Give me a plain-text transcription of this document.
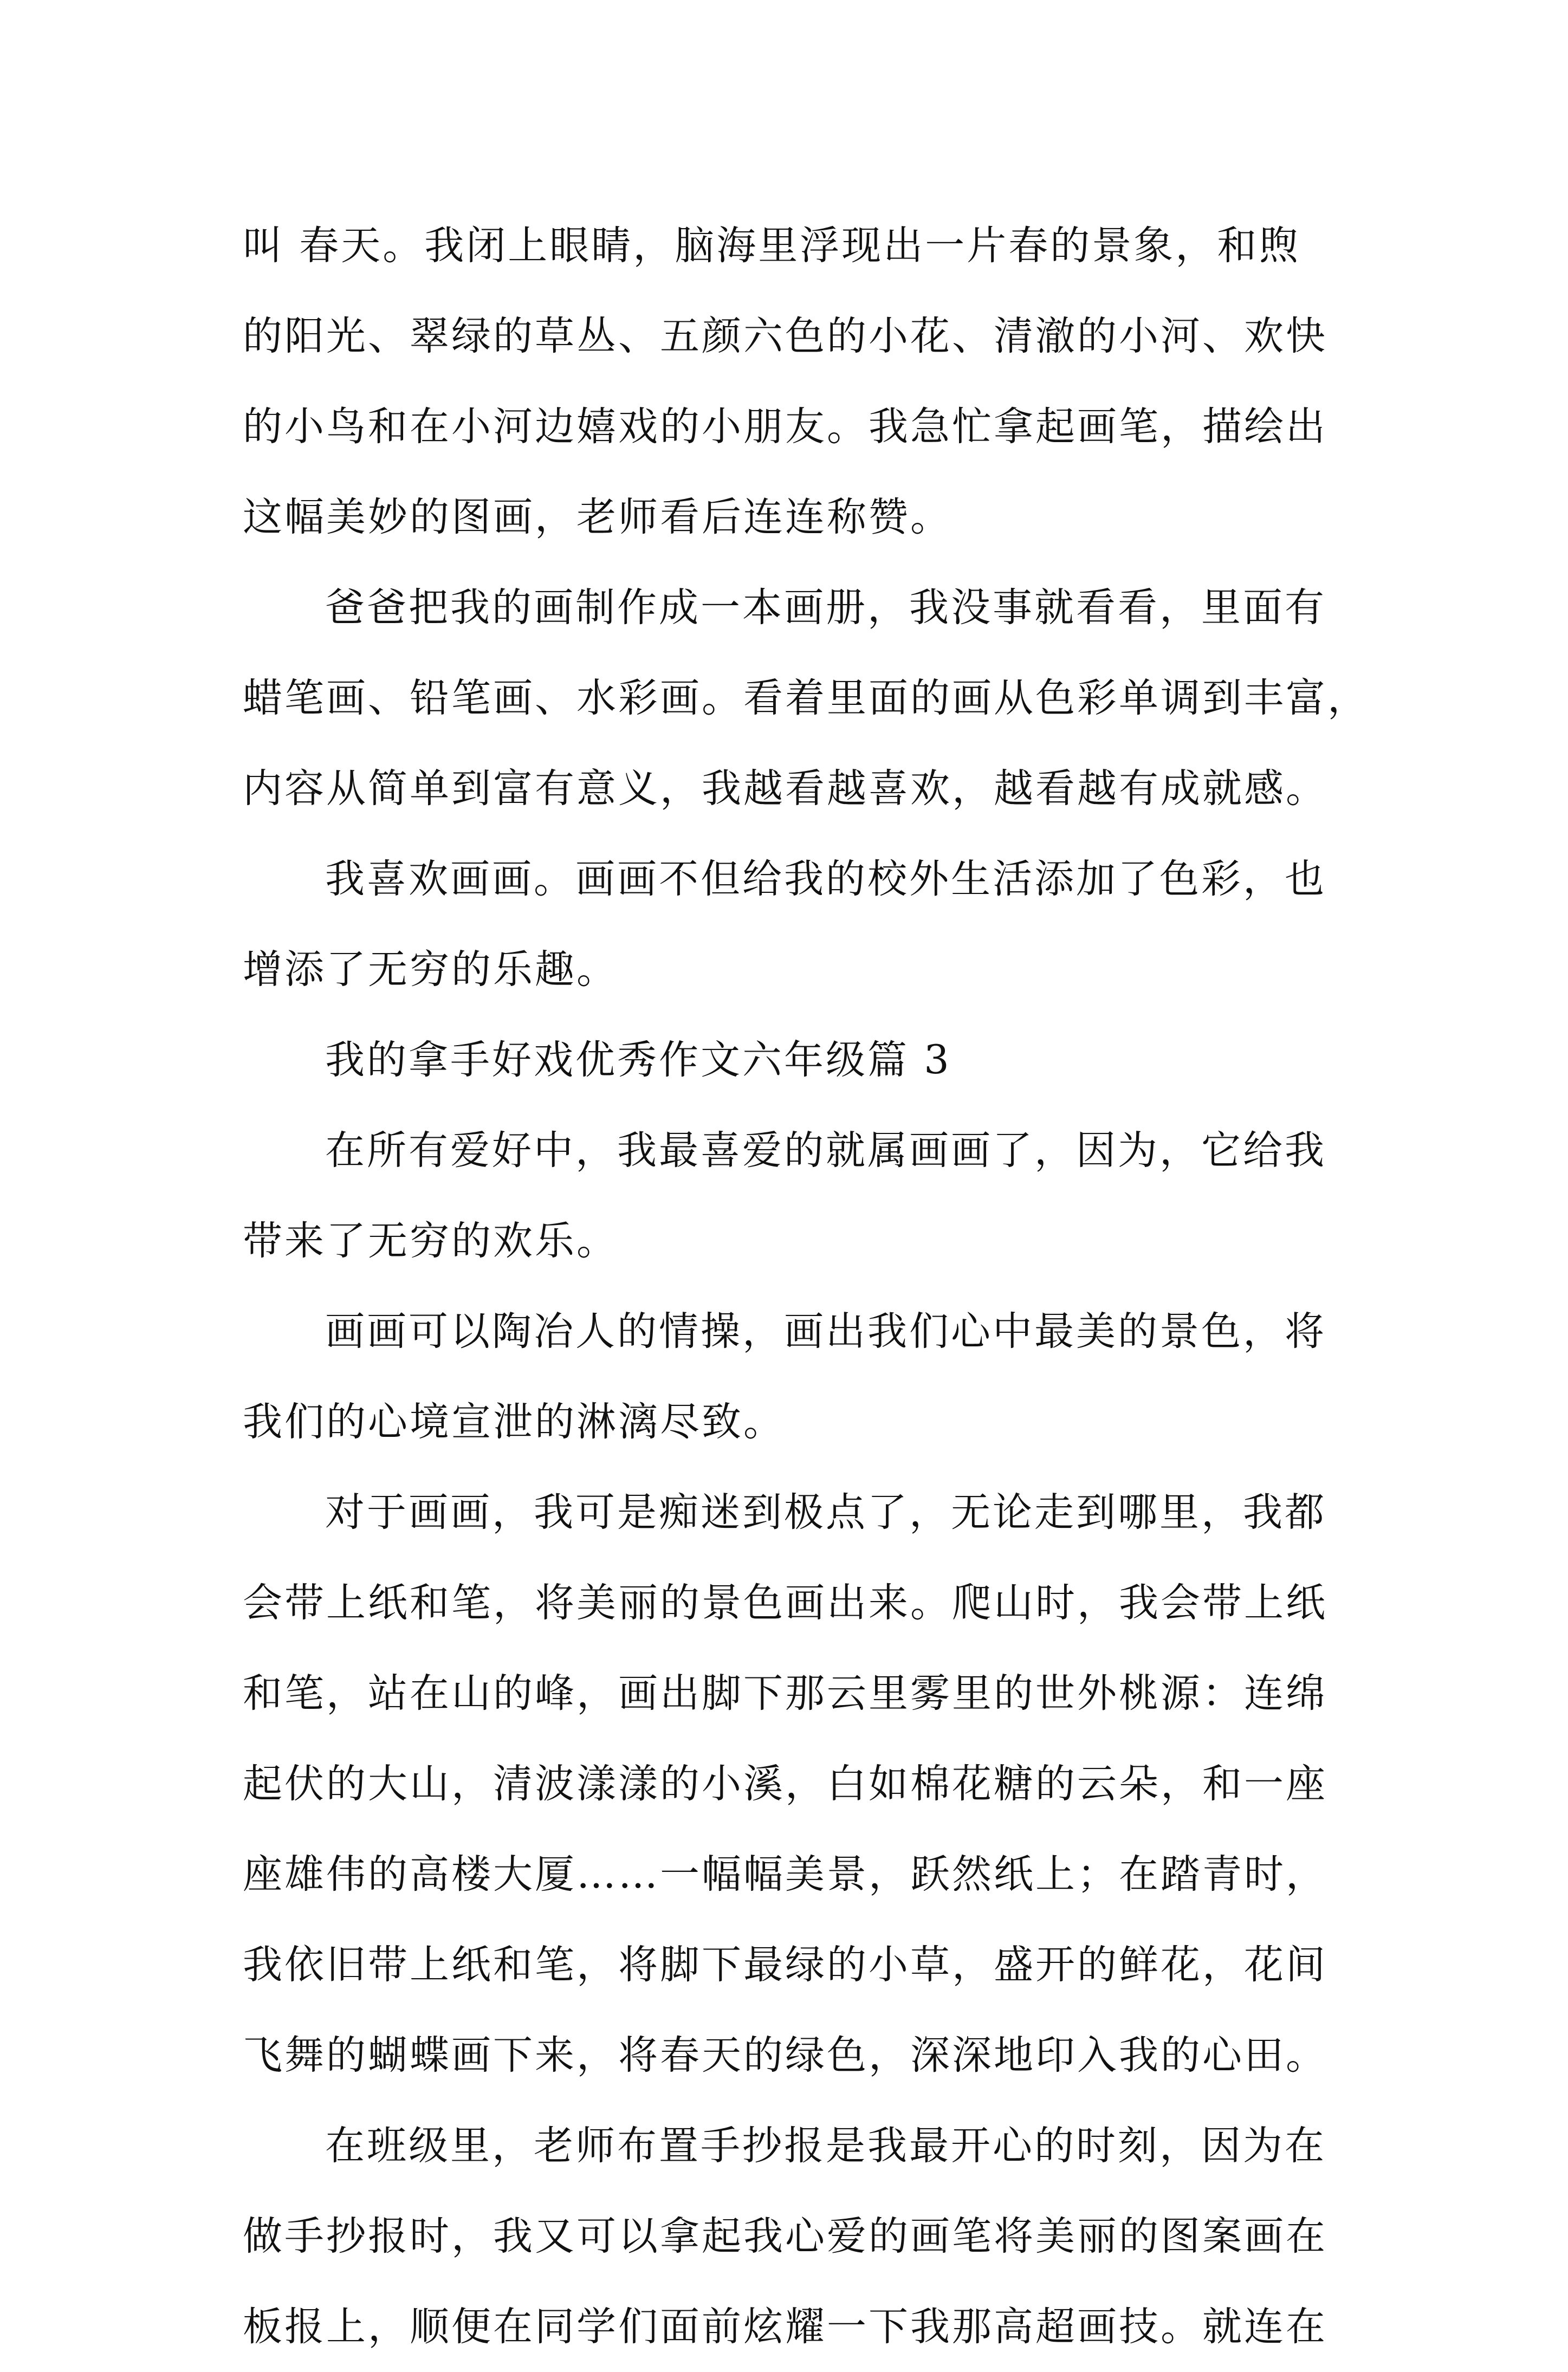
叫 春天。我闭上眼睛，脑海里浮现出一片春的景象，和煦
的阳光、翠绿的草丛、五颜六色的小花、清澈的小河、欢快
的小鸟和在小河边嬉戏的小朋友。我急忙拿起画笔，描绘出
这幅美妙的图画，老师看后连连称赞。
爸爸把我的画制作成一本画册，我没事就看看，里面有
蜡笔画、铅笔画、水彩画。看着里面的画从色彩单调到丰富，
内容从简单到富有意义，我越看越喜欢，越看越有成就感。
我喜欢画画。画画不但给我的校外生活添加了色彩，也
增添了无穷的乐趣。
我的拿手好戏优秀作文六年级篇 3
在所有爱好中，我最喜爱的就属画画了，因为，它给我
带来了无穷的欢乐。
画画可以陶冶人的情操，画出我们心中最美的景色，将
我们的心境宣泄的淋漓尽致。
对于画画，我可是痴迷到极点了，无论走到哪里，我都
会带上纸和笔，将美丽的景色画出来。爬山时，我会带上纸
和笔，站在山的峰，画出脚下那云里雾里的世外桃源：连绵
起伏的大山，清波漾漾的小溪，白如棉花糖的云朵，和一座
座雄伟的高楼大厦……一幅幅美景，跃然纸上；在踏青时，
我依旧带上纸和笔，将脚下最绿的小草，盛开的鲜花，花间
飞舞的蝴蝶画下来，将春天的绿色，深深地印入我的心田。
在班级里，老师布置手抄报是我最开心的时刻，因为在
做手抄报时，我又可以拿起我心爱的画笔将美丽的图案画在
板报上，顺便在同学们面前炫耀一下我那高超画技。就连在
